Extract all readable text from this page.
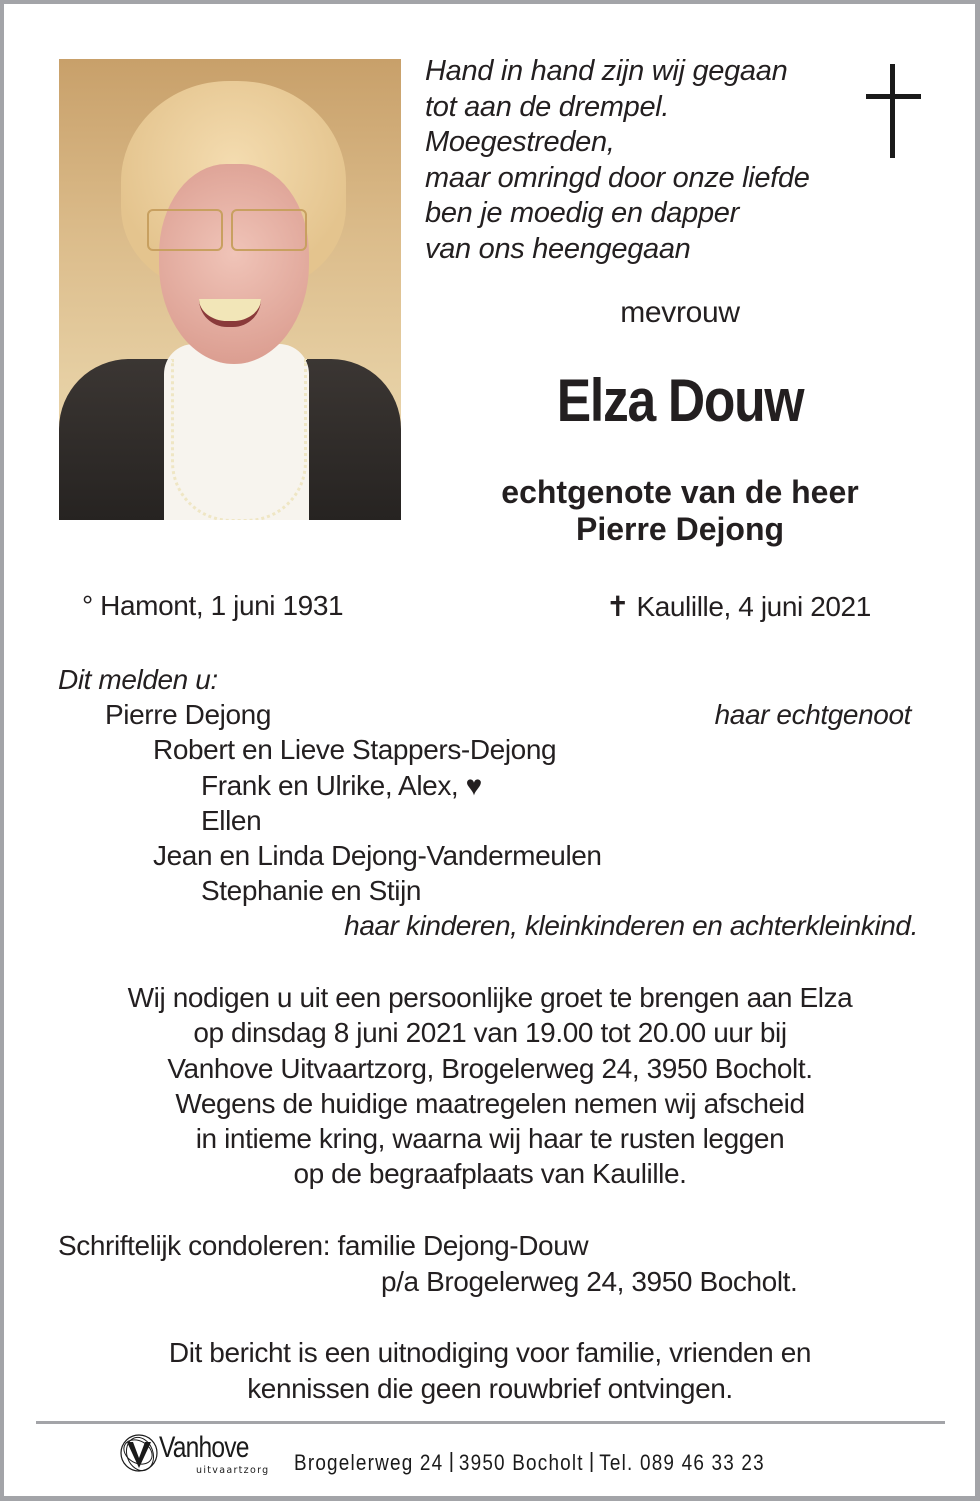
Hand in hand zijn wij gegaan
tot aan de drempel.
Moegestreden,
maar omringd door onze liefde
ben je moedig en dapper
van ons heengegaan
mevrouw
Elza Douw
echtgenote van de heer
Pierre Dejong
° Hamont, 1 juni 1931	✝ Kaulille, 4 juni 2021
Dit melden u:
Pierre Dejong	haar echtgenoot
Robert en Lieve Stappers-Dejong
Frank en Ulrike, Alex, ♥
Ellen
Jean en Linda Dejong-Vandermeulen
Stephanie en Stijn
haar kinderen, kleinkinderen en achterkleinkind.
Wij nodigen u uit een persoonlijke groet te brengen aan Elza
op dinsdag 8 juni 2021 van 19.00 tot 20.00 uur bij
Vanhove Uitvaartzorg, Brogelerweg 24, 3950 Bocholt.
Wegens de huidige maatregelen nemen wij afscheid
in intieme kring, waarna wij haar te rusten leggen
op de begraafplaats van Kaulille.
Schriftelijk condoleren: familie Dejong-Douw
p/a Brogelerweg 24, 3950 Bocholt.
Dit bericht is een uitnodiging voor familie, vrienden en
kennissen die geen rouwbrief ontvingen.
Vanhove
uitvaartzorg Brogelerweg 24 3950 Bocholt Tel. 089 46 33 23
